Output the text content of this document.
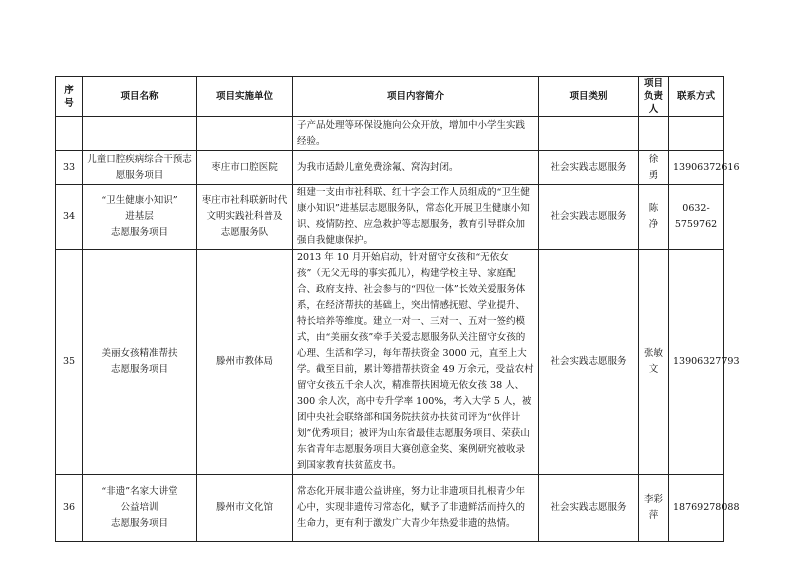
序号	项目名称	项目实施单位	项目内容简介	项目类别	项目负责人	联系方式
			子产品处理等环保设施向公众开放，增加中小学生实践经验。			
33	儿童口腔疾病综合干预志愿服务项目	枣庄市口腔医院	为我市适龄儿童免费涂氟、窝沟封闭。	社会实践志愿服务	徐　勇	13906372616
34	“卫生健康小知识”
进基层
志愿服务项目	枣庄市社科联新时代文明实践社科普及
志愿服务队	组建一支由市社科联、红十字会工作人员组成的“卫生健康小知识”进基层志愿服务队，常态化开展卫生健康小知识、疫情防控、应急救护等志愿服务，教育引导群众加强自我健康保护。	社会实践志愿服务	陈　净	0632-5759762
35	美丽女孩精准帮扶
志愿服务项目	滕州市教体局	2013 年 10 月开始启动，针对留守女孩和“无依女孩”（无父无母的事实孤儿），构建学校主导、家庭配合、政府支持、社会参与的“四位一体”长效关爱服务体系，在经济帮扶的基础上，突出情感抚慰、学业提升、特长培养等维度。建立一对一、三对一、五对一签约模式，由“美丽女孩”牵手关爱志愿服务队关注留守女孩的心理、生活和学习，每年帮扶资金 3000 元，直至上大学。截至目前，累计筹措帮扶资金 49 万余元，受益农村留守女孩五千余人次，精准帮扶困境无依女孩 38 人、300 余人次，高中专升学率 100%，考入大学 5 人，被团中央社会联络部和国务院扶贫办扶贫司评为“伙伴计划”优秀项目；被评为山东省最佳志愿服务项目、荣获山东省青年志愿服务项目大赛创意金奖、案例研究被收录到国家教育扶贫蓝皮书。	社会实践志愿服务	张敏文	13906327793
36	“非遗”名家大讲堂
公益培训
志愿服务项目	滕州市文化馆	常态化开展非遗公益讲座，努力让非遗项目扎根青少年心中，实现非遗传习常态化，赋予了非遗鲜活而持久的生命力，更有利于激发广大青少年热爱非遗的热情。	社会实践志愿服务	李彩萍	18769278088
